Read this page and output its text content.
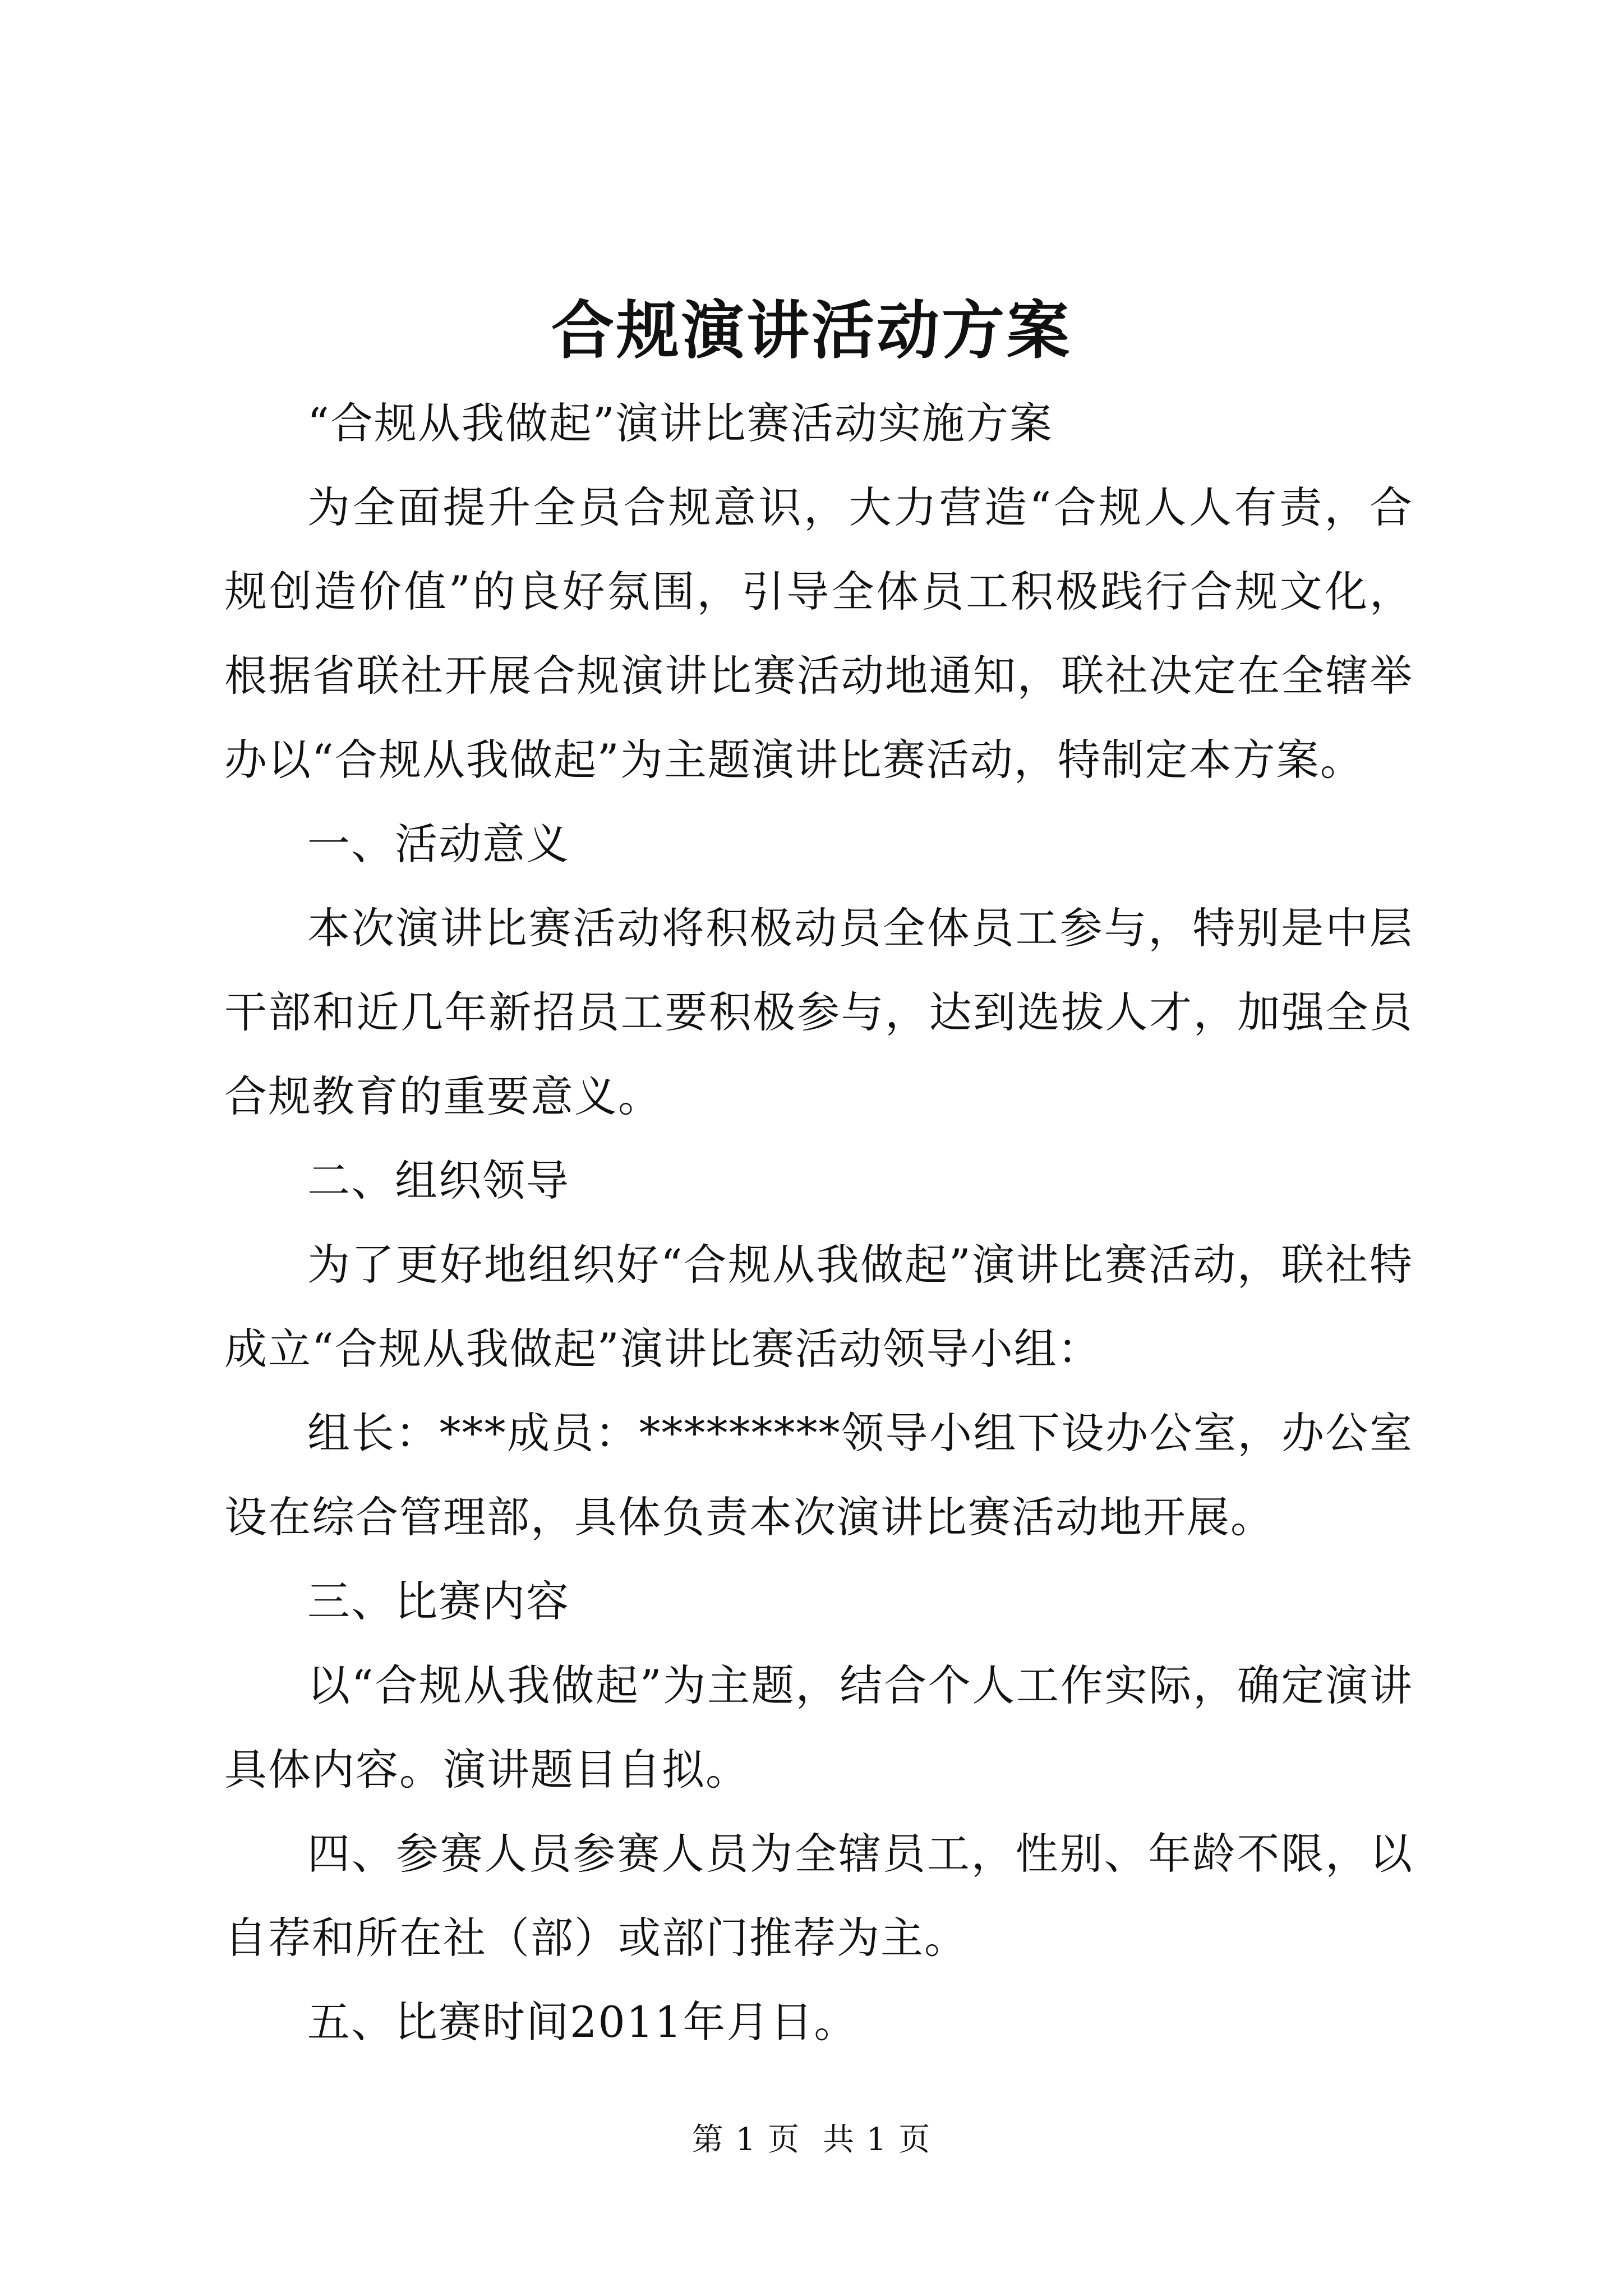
合规演讲活动方案

“合规从我做起”演讲比赛活动实施方案

为全面提升全员合规意识，大力营造“合规人人有责，合规创造价值”的良好氛围，引导全体员工积极践行合规文化，根据省联社开展合规演讲比赛活动地通知，联社决定在全辖举办以“合规从我做起”为主题演讲比赛活动，特制定本方案。

一、活动意义

本次演讲比赛活动将积极动员全体员工参与，特别是中层干部和近几年新招员工要积极参与，达到选拔人才，加强全员合规教育的重要意义。

二、组织领导

为了更好地组织好“合规从我做起”演讲比赛活动，联社特成立“合规从我做起”演讲比赛活动领导小组：

组长：***成员：*********领导小组下设办公室，办公室设在综合管理部，具体负责本次演讲比赛活动地开展。

三、比赛内容

以“合规从我做起”为主题，结合个人工作实际，确定演讲具体内容。演讲题目自拟。

四、参赛人员参赛人员为全辖员工，性别、年龄不限，以自荐和所在社（部）或部门推荐为主。

五、比赛时间2011年月日。

第 1 页 共 1 页
